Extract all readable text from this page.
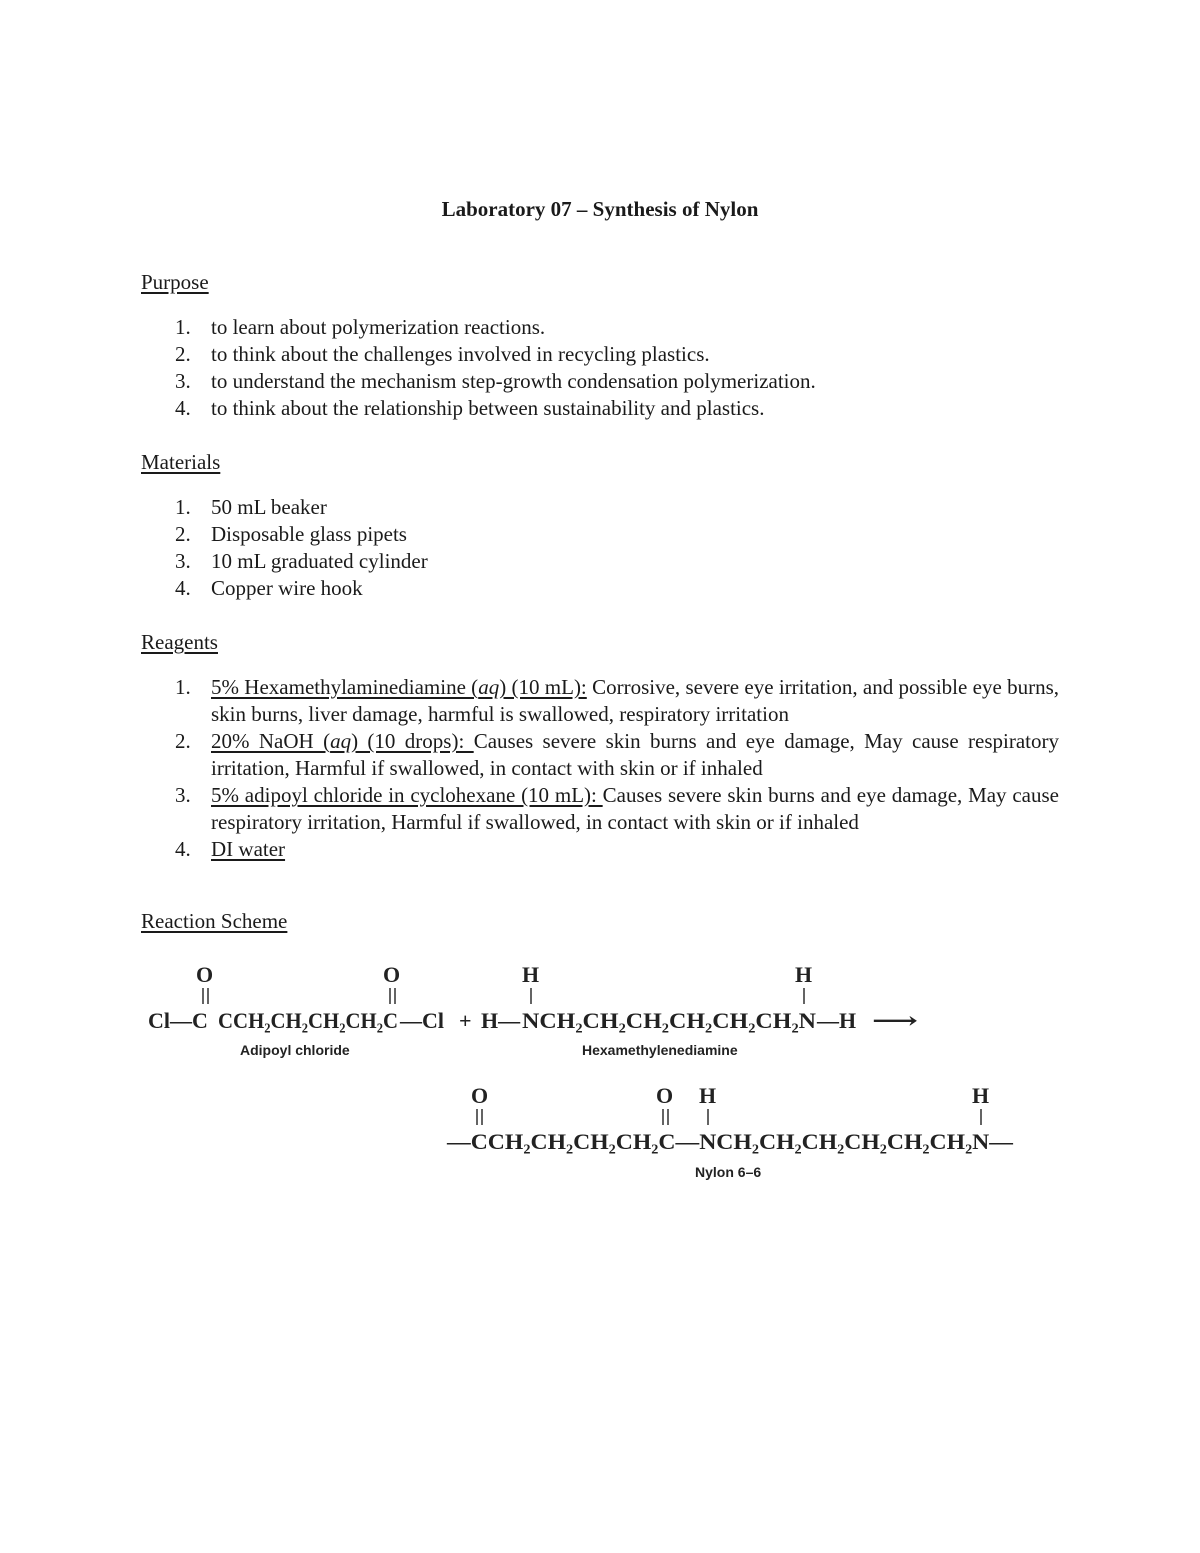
Laboratory 07 – Synthesis of Nylon
Purpose
1. to learn about polymerization reactions.
2. to think about the challenges involved in recycling plastics.
3. to understand the mechanism step-growth condensation polymerization.
4. to think about the relationship between sustainability and plastics.
Materials
1. 50 mL beaker
2. Disposable glass pipets
3. 10 mL graduated cylinder
4. Copper wire hook
Reagents
1. 5% Hexamethylaminediamine (aq) (10 mL): Corrosive, severe eye irritation, and possible eye burns, skin burns, liver damage, harmful is swallowed, respiratory irritation
2. 20% NaOH (aq) (10 drops): Causes severe skin burns and eye damage, May cause respiratory irritation, Harmful if swallowed, in contact with skin or if inhaled
3. 5% adipoyl chloride in cyclohexane (10 mL): Causes severe skin burns and eye damage, May cause respiratory irritation, Harmful if swallowed, in contact with skin or if inhaled
4. DI water
Reaction Scheme
O	O	H	H
Cl—C CCH₂CH₂CH₂CH₂C —Cl + H— NCH₂CH₂CH₂CH₂CH₂CH₂N —H ⟶
Adipoyl chloride	Hexamethylenediamine
O	O H	H
—CCH₂CH₂CH₂CH₂C—NCH₂CH₂CH₂CH₂CH₂CH₂N—
Nylon 6–6
